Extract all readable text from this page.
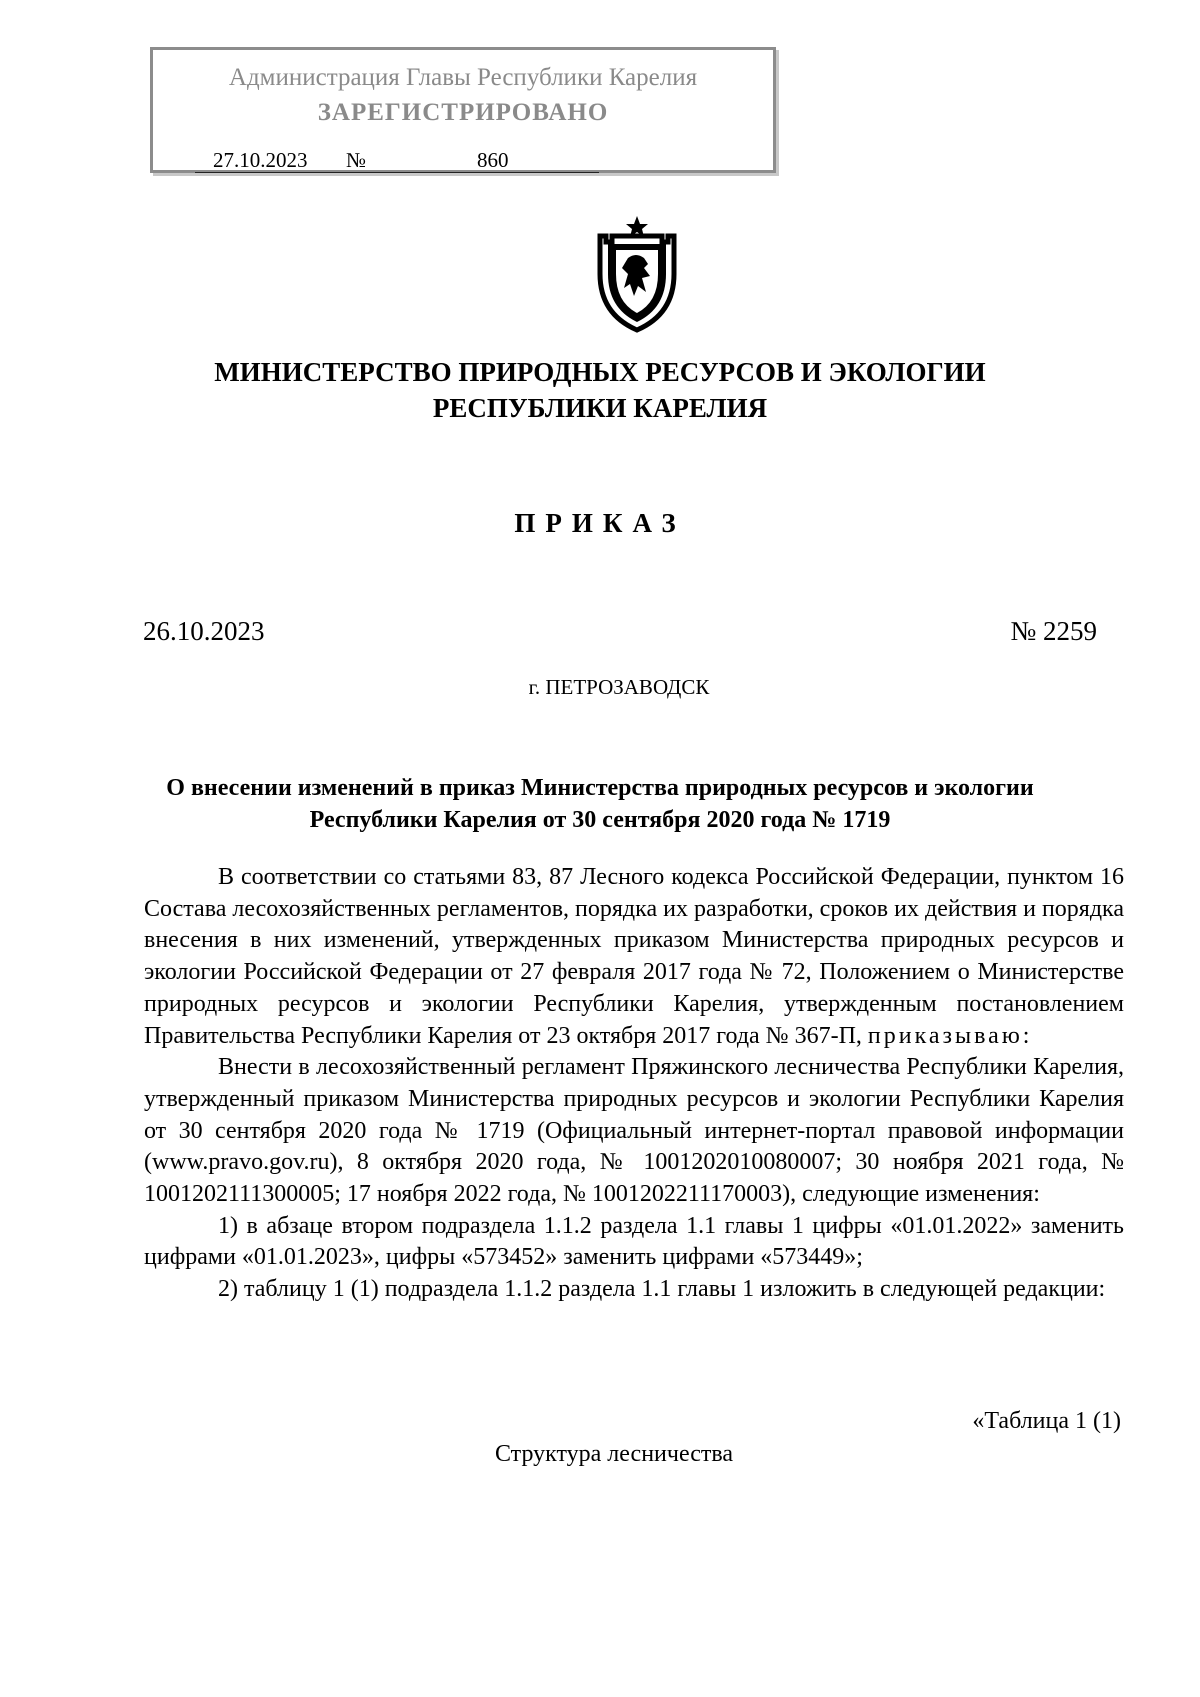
Администрация Главы Республики Карелия
ЗАРЕГИСТРИРОВАНО
27.10.2023	№	860
МИНИСТЕРСТВО ПРИРОДНЫХ РЕСУРСОВ И ЭКОЛОГИИ
РЕСПУБЛИКИ КАРЕЛИЯ
ПРИКАЗ
26.10.2023	№ 2259
г. ПЕТРОЗАВОДСК
О внесении изменений в приказ Министерства природных ресурсов и экологии
Республики Карелия от 30 сентября 2020 года № 1719

В соответствии со статьями 83, 87 Лесного кодекса Российской Федерации, пунктом 16 Состава лесохозяйственных регламентов, порядка их разработки, сроков их действия и порядка внесения в них изменений, утвержденных приказом Министерства природных ресурсов и экологии Российской Федерации от 27 февраля 2017 года № 72, Положением о Министерстве природных ресурсов и экологии Республики Карелия, утвержденным постановлением Правительства Республики Карелия от 23 октября 2017 года № 367-П, приказываю:

Внести в лесохозяйственный регламент Пряжинского лесничества Республики Карелия, утвержденный приказом Министерства природных ресурсов и экологии Республики Карелия от 30 сентября 2020 года № 1719 (Официальный интернет-портал правовой информации (www.pravo.gov.ru), 8 октября 2020 года, № 1001202010080007; 30 ноября 2021 года, № 1001202111300005; 17 ноября 2022 года, № 1001202211170003), следующие изменения:

1) в абзаце втором подраздела 1.1.2 раздела 1.1 главы 1 цифры «01.01.2022» заменить цифрами «01.01.2023», цифры «573452» заменить цифрами «573449»;

2) таблицу 1 (1) подраздела 1.1.2 раздела 1.1 главы 1 изложить в следующей редакции:

«Таблица 1 (1)
Структура лесничества
